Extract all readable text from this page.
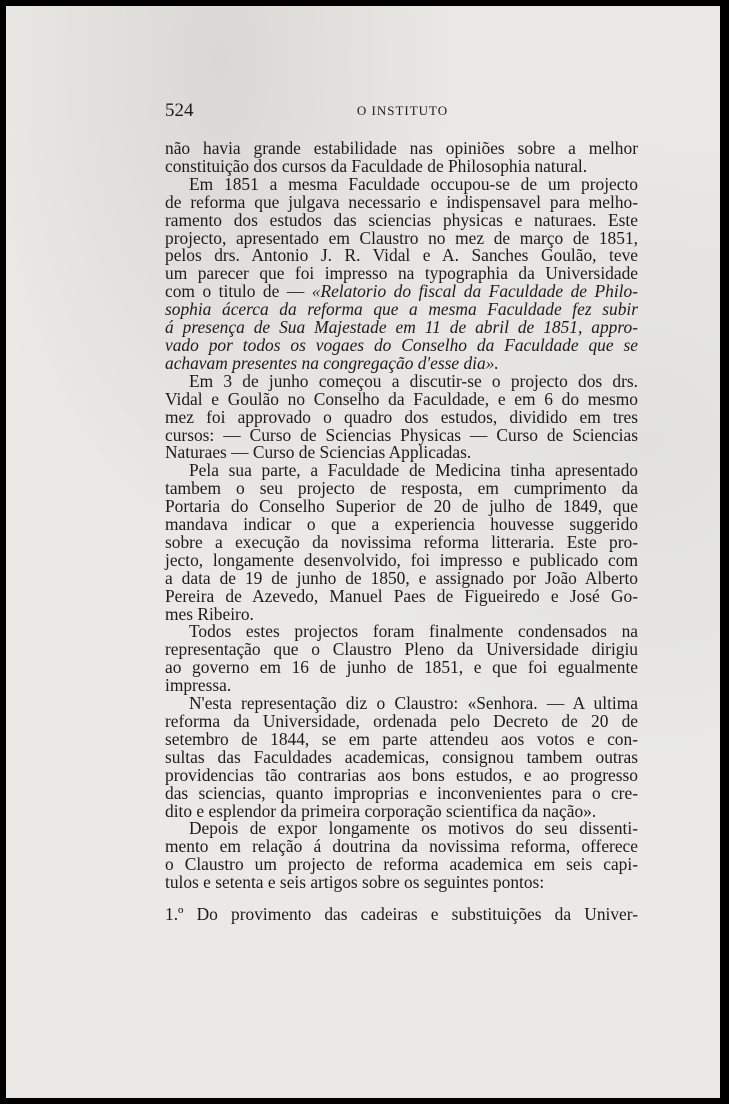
524	O INSTITUTO

não havia grande estabilidade nas opiniões sobre a melhor

constituição dos cursos da Faculdade de Philosophia natural.

Em 1851 a mesma Faculdade occupou-se de um projecto

de reforma que julgava necessario e indispensavel para melho-

ramento dos estudos das sciencias physicas e naturaes. Este

projecto, apresentado em Claustro no mez de março de 1851,

pelos drs. Antonio J. R. Vidal e A. Sanches Goulão, teve

um parecer que foi impresso na typographia da Universidade

com o titulo de — «Relatorio do fiscal da Faculdade de Philo-

sophia ácerca da reforma que a mesma Faculdade fez subir

á presença de Sua Majestade em 11 de abril de 1851, appro-

vado por todos os vogaes do Conselho da Faculdade que se

achavam presentes na congregação d'esse dia».

Em 3 de junho começou a discutir-se o projecto dos drs.

Vidal e Goulão no Conselho da Faculdade, e em 6 do mesmo

mez foi approvado o quadro dos estudos, dividido em tres

cursos: — Curso de Sciencias Physicas — Curso de Sciencias

Naturaes — Curso de Sciencias Applicadas.

Pela sua parte, a Faculdade de Medicina tinha apresentado

tambem o seu projecto de resposta, em cumprimento da

Portaria do Conselho Superior de 20 de julho de 1849, que

mandava indicar o que a experiencia houvesse suggerido

sobre a execução da novissima reforma litteraria. Este pro-

jecto, longamente desenvolvido, foi impresso e publicado com

a data de 19 de junho de 1850, e assignado por João Alberto

Pereira de Azevedo, Manuel Paes de Figueiredo e José Go-

mes Ribeiro.

Todos estes projectos foram finalmente condensados na

representação que o Claustro Pleno da Universidade dirigiu

ao governo em 16 de junho de 1851, e que foi egualmente

impressa.

N'esta representação diz o Claustro: «Senhora. — A ultima

reforma da Universidade, ordenada pelo Decreto de 20 de

setembro de 1844, se em parte attendeu aos votos e con-

sultas das Faculdades academicas, consignou tambem outras

providencias tão contrarias aos bons estudos, e ao progresso

das sciencias, quanto improprias e inconvenientes para o cre-

dito e esplendor da primeira corporação scientifica da nação».

Depois de expor longamente os motivos do seu dissenti-

mento em relação á doutrina da novissima reforma, offerece

o Claustro um projecto de reforma academica em seis capi-

tulos e setenta e seis artigos sobre os seguintes pontos:

1.º Do provimento das cadeiras e substituições da Univer-
